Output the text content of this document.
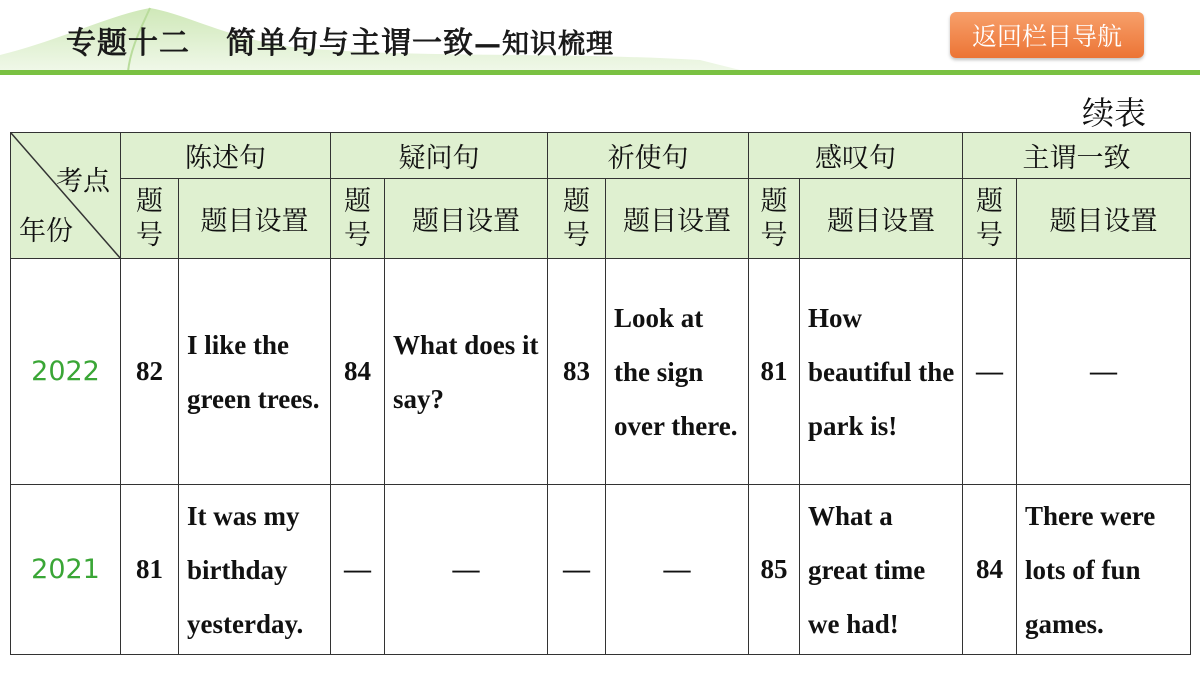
专题十二 简单句与主谓一致—知识梳理	返回栏目导航
续表
考点
年份	陈述句		疑问句		祈使句		感叹句		主谓一致	
	题号	题目设置	题号	题目设置	题号	题目设置	题号	题目设置	题号	题目设置
2022	82	I like the green trees.	84	What does it say?	83	Look at the sign over there.	81	How beautiful the park is!	—	—
2021	81	It was my birthday yesterday.	—	—	—	—	85	What a great time we had!	84	There were lots of fun games.
